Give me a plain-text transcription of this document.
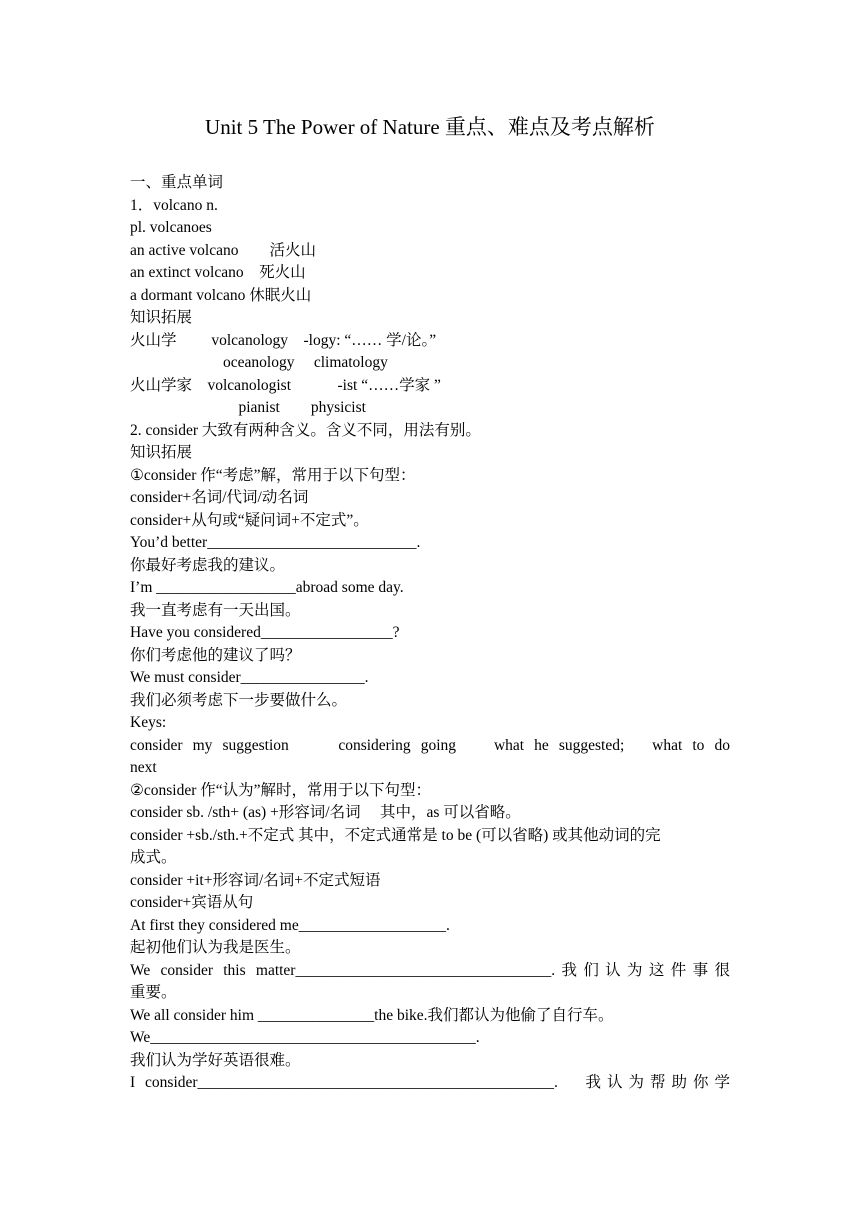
Unit 5 The Power of Nature 重点、难点及考点解析
一、重点单词
1．volcano n.
pl. volcanoes
an active volcano　　活火山
an extinct volcano　死火山
a dormant volcano 休眠火山
知识拓展
火山学　　 volcanology　-logy: “…… 学/论。”
　　　　　　oceanology　 climatology
火山学家　volcanologist　　　-ist “……学家 ”
　　　　　　　pianist　　physicist
2. consider 大致有两种含义。含义不同，用法有别。
知识拓展
①consider 作“考虑”解，常用于以下句型：
consider+名词/代词/动名词
consider+从句或“疑问词+不定式”。
You’d better___________________________.
你最好考虑我的建议。
I’m __________________abroad some day.
我一直考虑有一天出国。
Have you considered_________________?
你们考虑他的建议了吗？
We must consider________________.
我们必须考虑下一步要做什么。
Keys:
consider my suggestion　　considering going　 what he suggested;　what to do
next
②consider 作“认为”解时，常用于以下句型：
consider sb. /sth+ (as) +形容词/名词　 其中，as 可以省略。
consider +sb./sth.+不定式 其中，不定式通常是 to be (可以省略) 或其他动词的完
成式。
consider +it+形容词/名词+不定式短语
consider+宾语从句
At first they considered me___________________.
起初他们认为我是医生。
We consider this matter_________________________________.我们认为这件事很
重要。
We all consider him _______________the bike.我们都认为他偷了自行车。
We__________________________________________.
我们认为学好英语很难。
I consider______________________________________________.　我认为帮助你学
